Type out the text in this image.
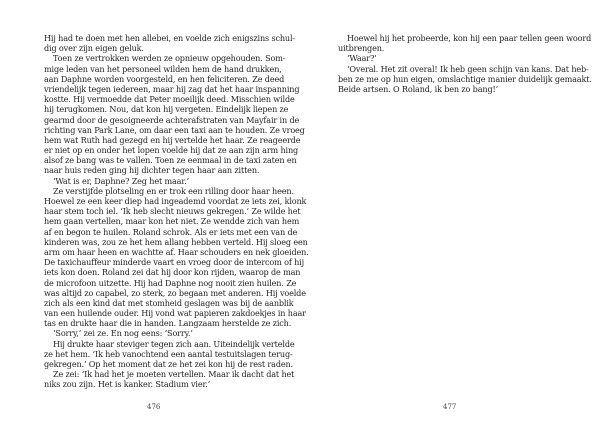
Hij had te doen met hen allebei, en voelde zich enigszins schul-
dig over zijn eigen geluk.
Toen ze vertrokken werden ze opnieuw opgehouden. Som-
mige leden van het personeel wilden hem de hand drukken,
aan Daphne worden voorgesteld, en hen feliciteren. Ze deed
vriendelijk tegen iedereen, maar hij zag dat het haar inspanning
kostte. Hij vermoedde dat Peter moeilijk deed. Misschien wilde
hij terugkomen. Nou, dat kon hij vergeten. Eindelijk liepen ze
gearmd door de gesoigneerde achterafstraten van Mayfair in de
richting van Park Lane, om daar een taxi aan te houden. Ze vroeg
hem wat Ruth had gezegd en hij vertelde het haar. Ze reageerde
er niet op en onder het lopen voelde hij dat ze aan zijn arm hing
alsof ze bang was te vallen. Toen ze eenmaal in de taxi zaten en
naar huis reden ging hij dichter tegen haar aan zitten.
‘Wat is er, Daphne? Zeg het maar.’
Ze verstijfde plotseling en er trok een rilling door haar heen.
Hoewel ze een keer diep had ingeademd voordat ze iets zei, klonk
haar stem toch iel. ‘Ik heb slecht nieuws gekregen.’ Ze wilde het
hem gaan vertellen, maar kon het niet. Ze wendde zich van hem
af en begon te huilen. Roland schrok. Als er iets met een van de
kinderen was, zou ze het hem allang hebben verteld. Hij sloeg een
arm om haar heen en wachtte af. Haar schouders en nek gloeiden.
De taxichauffeur minderde vaart en vroeg door de intercom of hij
iets kon doen. Roland zei dat hij door kon rijden, waarop de man
de microfoon uitzette. Hij had Daphne nog nooit zien huilen. Ze
was altijd zo capabel, zo sterk, zo begaan met anderen. Hij voelde
zich als een kind dat met stomheid geslagen was bij de aanblik
van een huilende ouder. Hij vond wat papieren zakdoekjes in haar
tas en drukte haar die in handen. Langzaam herstelde ze zich.
‘Sorry,’ zei ze. En nog eens: ‘Sorry.’
Hij drukte haar steviger tegen zich aan. Uiteindelijk vertelde
ze het hem. ‘Ik heb vanochtend een aantal testuitslagen terug-
gekregen.’ Op het moment dat ze het zei kon hij de rest raden.
Ze zei: ‘Ik had het je moeten vertellen. Maar ik dacht dat het
niks zou zijn. Het is kanker. Stadium vier.’
476
Hoewel hij het probeerde, kon hij een paar tellen geen woord
uitbrengen.
‘Waar?’
‘Overal. Het zit overal! Ik heb geen schijn van kans. Dat heb-
ben ze me op hun eigen, omslachtige manier duidelijk gemaakt.
Beide artsen. O Roland, ik ben zo bang!’
477
